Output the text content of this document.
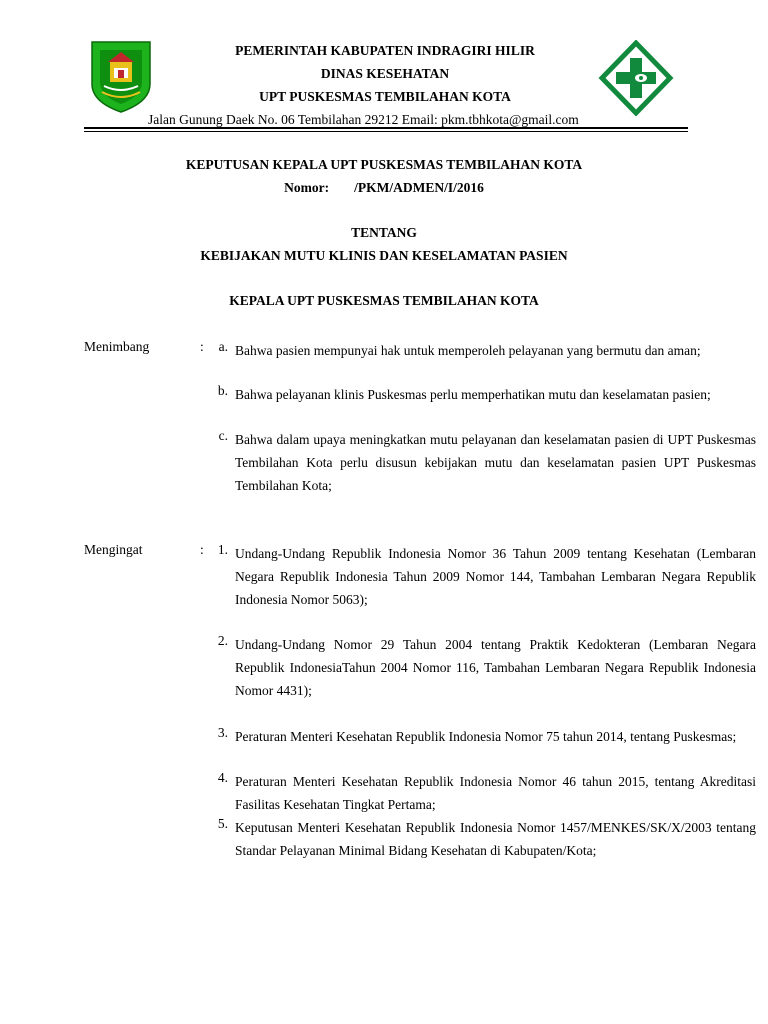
PEMERINTAH KABUPATEN INDRAGIRI HILIR
DINAS KESEHATAN
UPT PUSKESMAS TEMBILAHAN KOTA
Jalan Gunung Daek No. 06 Tembilahan 29212 Email: pkm.tbhkota@gmail.com
KEPUTUSAN KEPALA UPT PUSKESMAS TEMBILAHAN KOTA
Nomor: /PKM/ADMEN/I/2016
TENTANG
KEBIJAKAN MUTU KLINIS DAN KESELAMATAN PASIEN
KEPALA UPT PUSKESMAS TEMBILAHAN KOTA
Menimbang	:	a. Bahwa pasien mempunyai hak untuk memperoleh pelayanan yang bermutu dan aman;
b. Bahwa pelayanan klinis Puskesmas perlu memperhatikan mutu dan keselamatan pasien;
c. Bahwa dalam upaya meningkatkan mutu pelayanan dan keselamatan pasien di UPT Puskesmas Tembilahan Kota perlu disusun kebijakan mutu dan keselamatan pasien UPT Puskesmas Tembilahan Kota;
Mengingat	:	1. Undang-Undang Republik Indonesia Nomor 36 Tahun 2009 tentang Kesehatan (Lembaran Negara Republik Indonesia Tahun 2009 Nomor 144, Tambahan Lembaran Negara Republik Indonesia Nomor 5063);
2. Undang-Undang Nomor 29 Tahun 2004 tentang Praktik Kedokteran (Lembaran Negara Republik IndonesiaTahun 2004 Nomor 116, Tambahan Lembaran Negara Republik Indonesia Nomor 4431);
3. Peraturan Menteri Kesehatan Republik Indonesia Nomor 75 tahun 2014, tentang Puskesmas;
4. Peraturan Menteri Kesehatan Republik Indonesia Nomor 46 tahun 2015, tentang Akreditasi Fasilitas Kesehatan Tingkat Pertama;
5. Keputusan Menteri Kesehatan Republik Indonesia Nomor 1457/MENKES/SK/X/2003 tentang Standar Pelayanan Minimal Bidang Kesehatan di Kabupaten/Kota;
